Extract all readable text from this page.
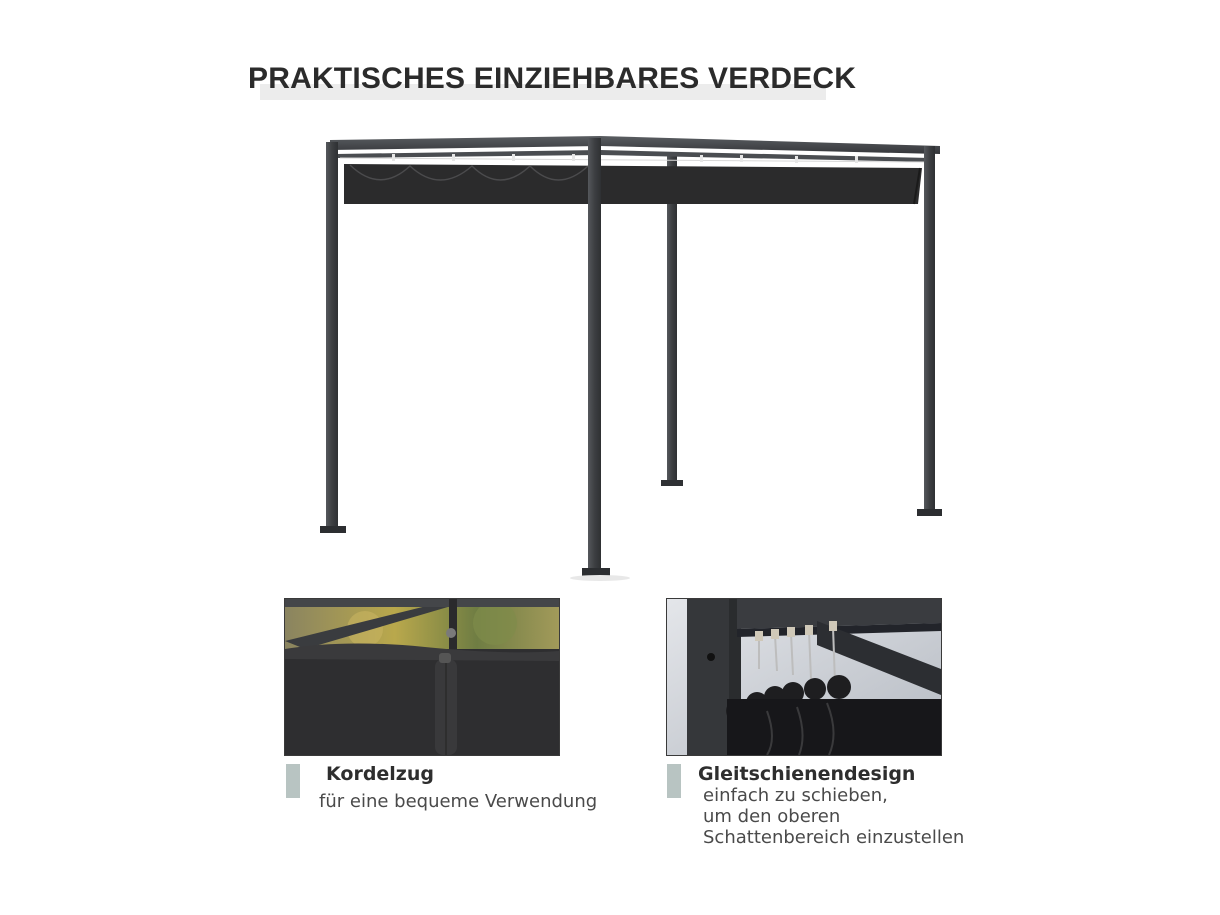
PRAKTISCHES EINZIEHBARES VERDECK
Kordelzug
für eine bequeme Verwendung
Gleitschienendesign
einfach zu schieben,
um den oberen
Schattenbereich einzustellen
